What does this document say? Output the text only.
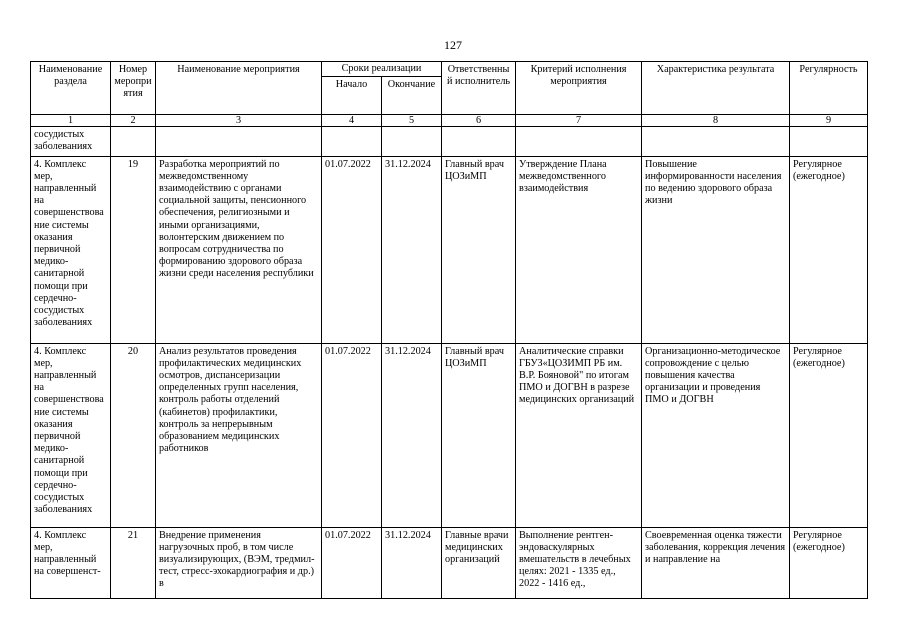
127
Наименование раздела	Номер мероприятия	Наименование мероприятия	Сроки реализации		Ответственный исполнитель	Критерий исполнения мероприятия	Характеристика результата	Регулярность
			Начало	Окончание				
1	2	3	4	5	6	7	8	9
сосудистых заболеваниях								
4. Комплекс мер, направленный на совершенствование системы оказания первичной медико-санитарной помощи при сердечно-сосудистых заболеваниях	19	Разработка мероприятий по межведомственному взаимодействию с органами социальной защиты, пенсионного обеспечения, религиозными и иными организациями, волонтерским движением по вопросам сотрудничества по формированию здорового образа жизни среди населения республики	01.07.2022	31.12.2024	Главный врач ЦОЗиМП	Утверждение Плана межведомственного взаимодействия	Повышение информированности населения по ведению здорового образа жизни	Регулярное (ежегодное)
4. Комплекс мер, направленный на совершенствование системы оказания первичной медико-санитарной помощи при сердечно-сосудистых заболеваниях	20	Анализ результатов проведения профилактических медицинских осмотров, диспансеризации определенных групп населения, контроль работы отделений (кабинетов) профилактики, контроль за непрерывным образованием медицинских работников	01.07.2022	31.12.2024	Главный врач ЦОЗиМП	Аналитические справки ГБУЗ«ЦОЗИМП РБ им. В.Р. Бояновой" по итогам ПМО и ДОГВН в разрезе медицинских организаций	Организационно-методическое сопровождение с целью повышения качества организации и проведения ПМО и ДОГВН	Регулярное (ежегодное)
4. Комплекс мер, направленный на совершенст-	21	Внедрение применения нагрузочных проб, в том числе визуализирующих, (ВЭМ, тредмил-тест, стресс-эхокардиография и др.) в	01.07.2022	31.12.2024	Главные врачи медицинских организаций	Выполнение рентген-эндоваскулярных вмешательств в лечебных целях: 2021 - 1335 ед., 2022 - 1416 ед.,	Своевременная оценка тяжести заболевания, коррекция лечения и направление на	Регулярное (ежегодное)
